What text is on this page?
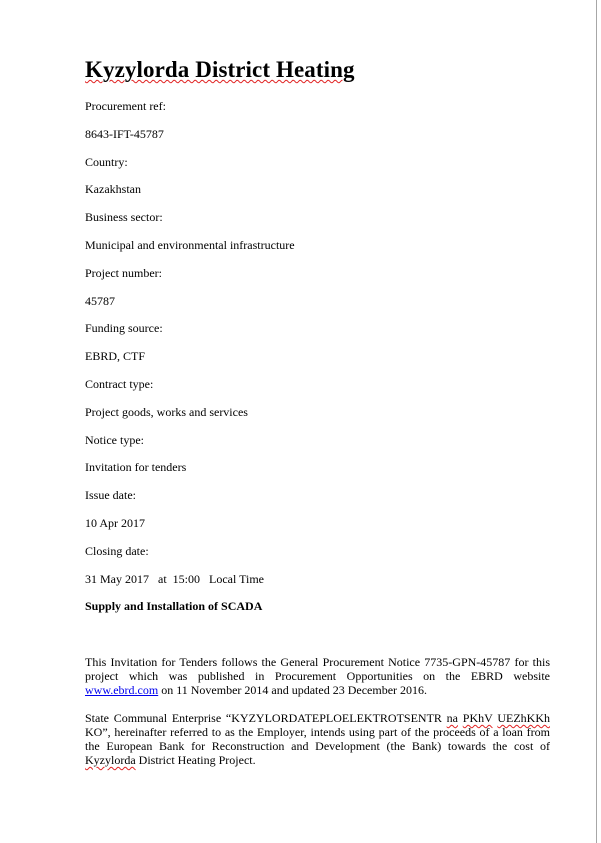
Kyzylorda District Heating
Procurement ref:
8643-IFT-45787
Country:
Kazakhstan
Business sector:
Municipal and environmental infrastructure
Project number:
45787
Funding source:
EBRD, CTF
Contract type:
Project goods, works and services
Notice type:
Invitation for tenders
Issue date:
10 Apr 2017
Closing date:
31 May 2017   at  15:00   Local Time
Supply and Installation of SCADA
This Invitation for Tenders follows the General Procurement Notice 7735-GPN-45787 for this project which was published in Procurement Opportunities on the EBRD website www.ebrd.com on 11 November 2014 and updated 23 December 2016.
State Communal Enterprise “KYZYLORDATEPLOELEKTROTSENTR na PKhV UEZhKKh KO”, hereinafter referred to as the Employer, intends using part of the proceeds of a loan from the European Bank for Reconstruction and Development (the Bank) towards the cost of Kyzylorda District Heating Project.
